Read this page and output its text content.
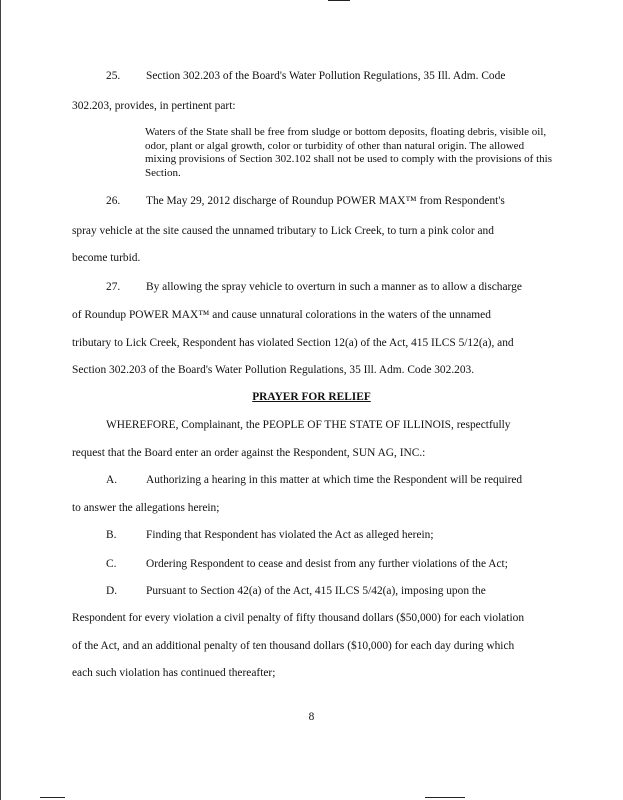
25. Section 302.203 of the Board's Water Pollution Regulations, 35 Ill. Adm. Code
302.203, provides, in pertinent part:
Waters of the State shall be free from sludge or bottom deposits, floating debris, visible oil, odor, plant or algal growth, color or turbidity of other than natural origin. The allowed mixing provisions of Section 302.102 shall not be used to comply with the provisions of this Section.
26. The May 29, 2012 discharge of Roundup POWER MAX™ from Respondent's
spray vehicle at the site caused the unnamed tributary to Lick Creek, to turn a pink color and
become turbid.
27. By allowing the spray vehicle to overturn in such a manner as to allow a discharge
of Roundup POWER MAX™ and cause unnatural colorations in the waters of the unnamed
tributary to Lick Creek, Respondent has violated Section 12(a) of the Act, 415 ILCS 5/12(a), and
Section 302.203 of the Board's Water Pollution Regulations, 35 Ill. Adm. Code 302.203.
PRAYER FOR RELIEF
WHEREFORE, Complainant, the PEOPLE OF THE STATE OF ILLINOIS, respectfully
request that the Board enter an order against the Respondent, SUN AG, INC.:
A.	Authorizing a hearing in this matter at which time the Respondent will be required
to answer the allegations herein;
B.	Finding that Respondent has violated the Act as alleged herein;
C.	Ordering Respondent to cease and desist from any further violations of the Act;
D.	Pursuant to Section 42(a) of the Act, 415 ILCS 5/42(a), imposing upon the
Respondent for every violation a civil penalty of fifty thousand dollars ($50,000) for each violation
of the Act, and an additional penalty of ten thousand dollars ($10,000) for each day during which
each such violation has continued thereafter;
8
